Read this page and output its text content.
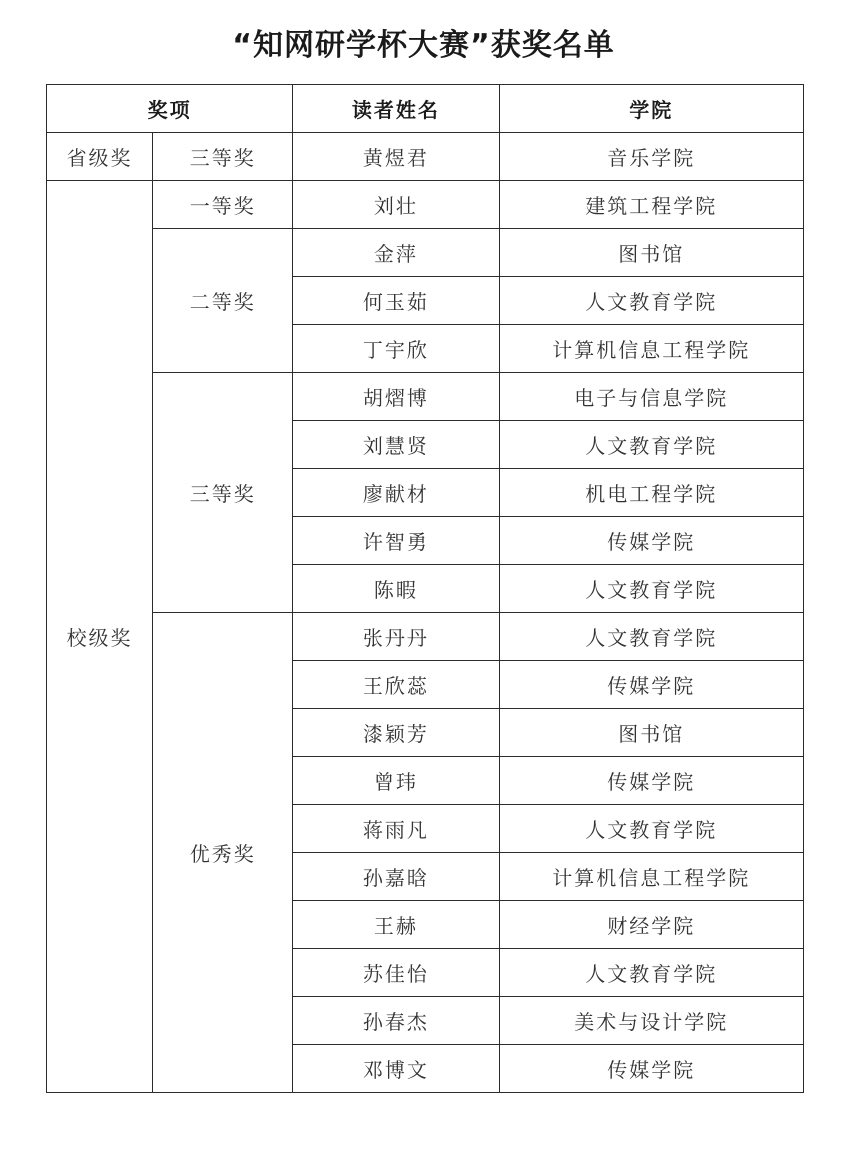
“知网研学杯大赛”获奖名单
奖项		读者姓名	学院
省级奖	三等奖	黄煜君	音乐学院
校级奖	一等奖	刘壮	建筑工程学院
	二等奖	金萍	图书馆
		何玉茹	人文教育学院
		丁宇欣	计算机信息工程学院
	三等奖	胡熠博	电子与信息学院
		刘慧贤	人文教育学院
		廖献材	机电工程学院
		许智勇	传媒学院
		陈暇	人文教育学院
	优秀奖	张丹丹	人文教育学院
		王欣蕊	传媒学院
		漆颖芳	图书馆
		曾玮	传媒学院
		蒋雨凡	人文教育学院
		孙嘉晗	计算机信息工程学院
		王赫	财经学院
		苏佳怡	人文教育学院
		孙春杰	美术与设计学院
		邓博文	传媒学院
